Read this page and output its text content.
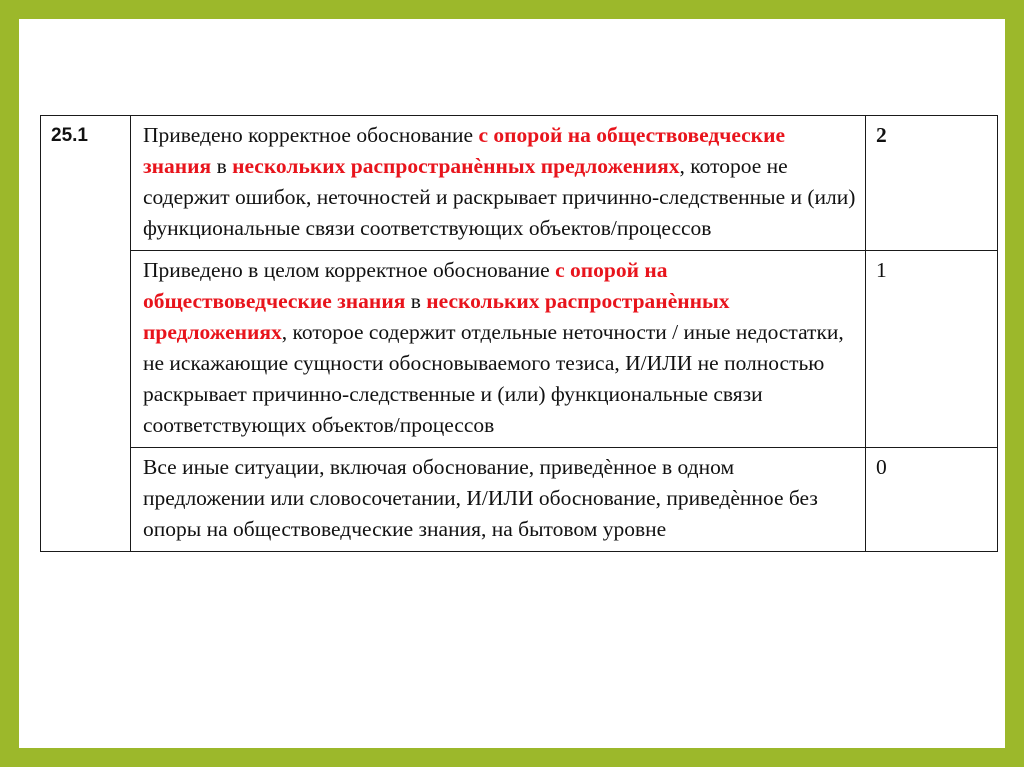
25.1	Приведено корректное обоснование с опорой на обществоведческие знания в нескольких распространѐнных предложениях, которое не содержит ошибок, неточностей и раскрывает причинно-следственные и (или) функциональные связи соответствующих объектов/процессов	2
	Приведено в целом корректное обоснование с опорой на обществоведческие знания в нескольких распространѐнных предложениях, которое содержит отдельные неточности / иные недостатки, не искажающие сущности обосновываемого тезиса, И/ИЛИ не полностью раскрывает причинно-следственные и (или) функциональные связи соответствующих объектов/процессов	1
	Все иные ситуации, включая обоснование, приведѐнное в одном предложении или словосочетании, И/ИЛИ обоснование, приведѐнное без опоры на обществоведческие знания, на бытовом уровне	0
